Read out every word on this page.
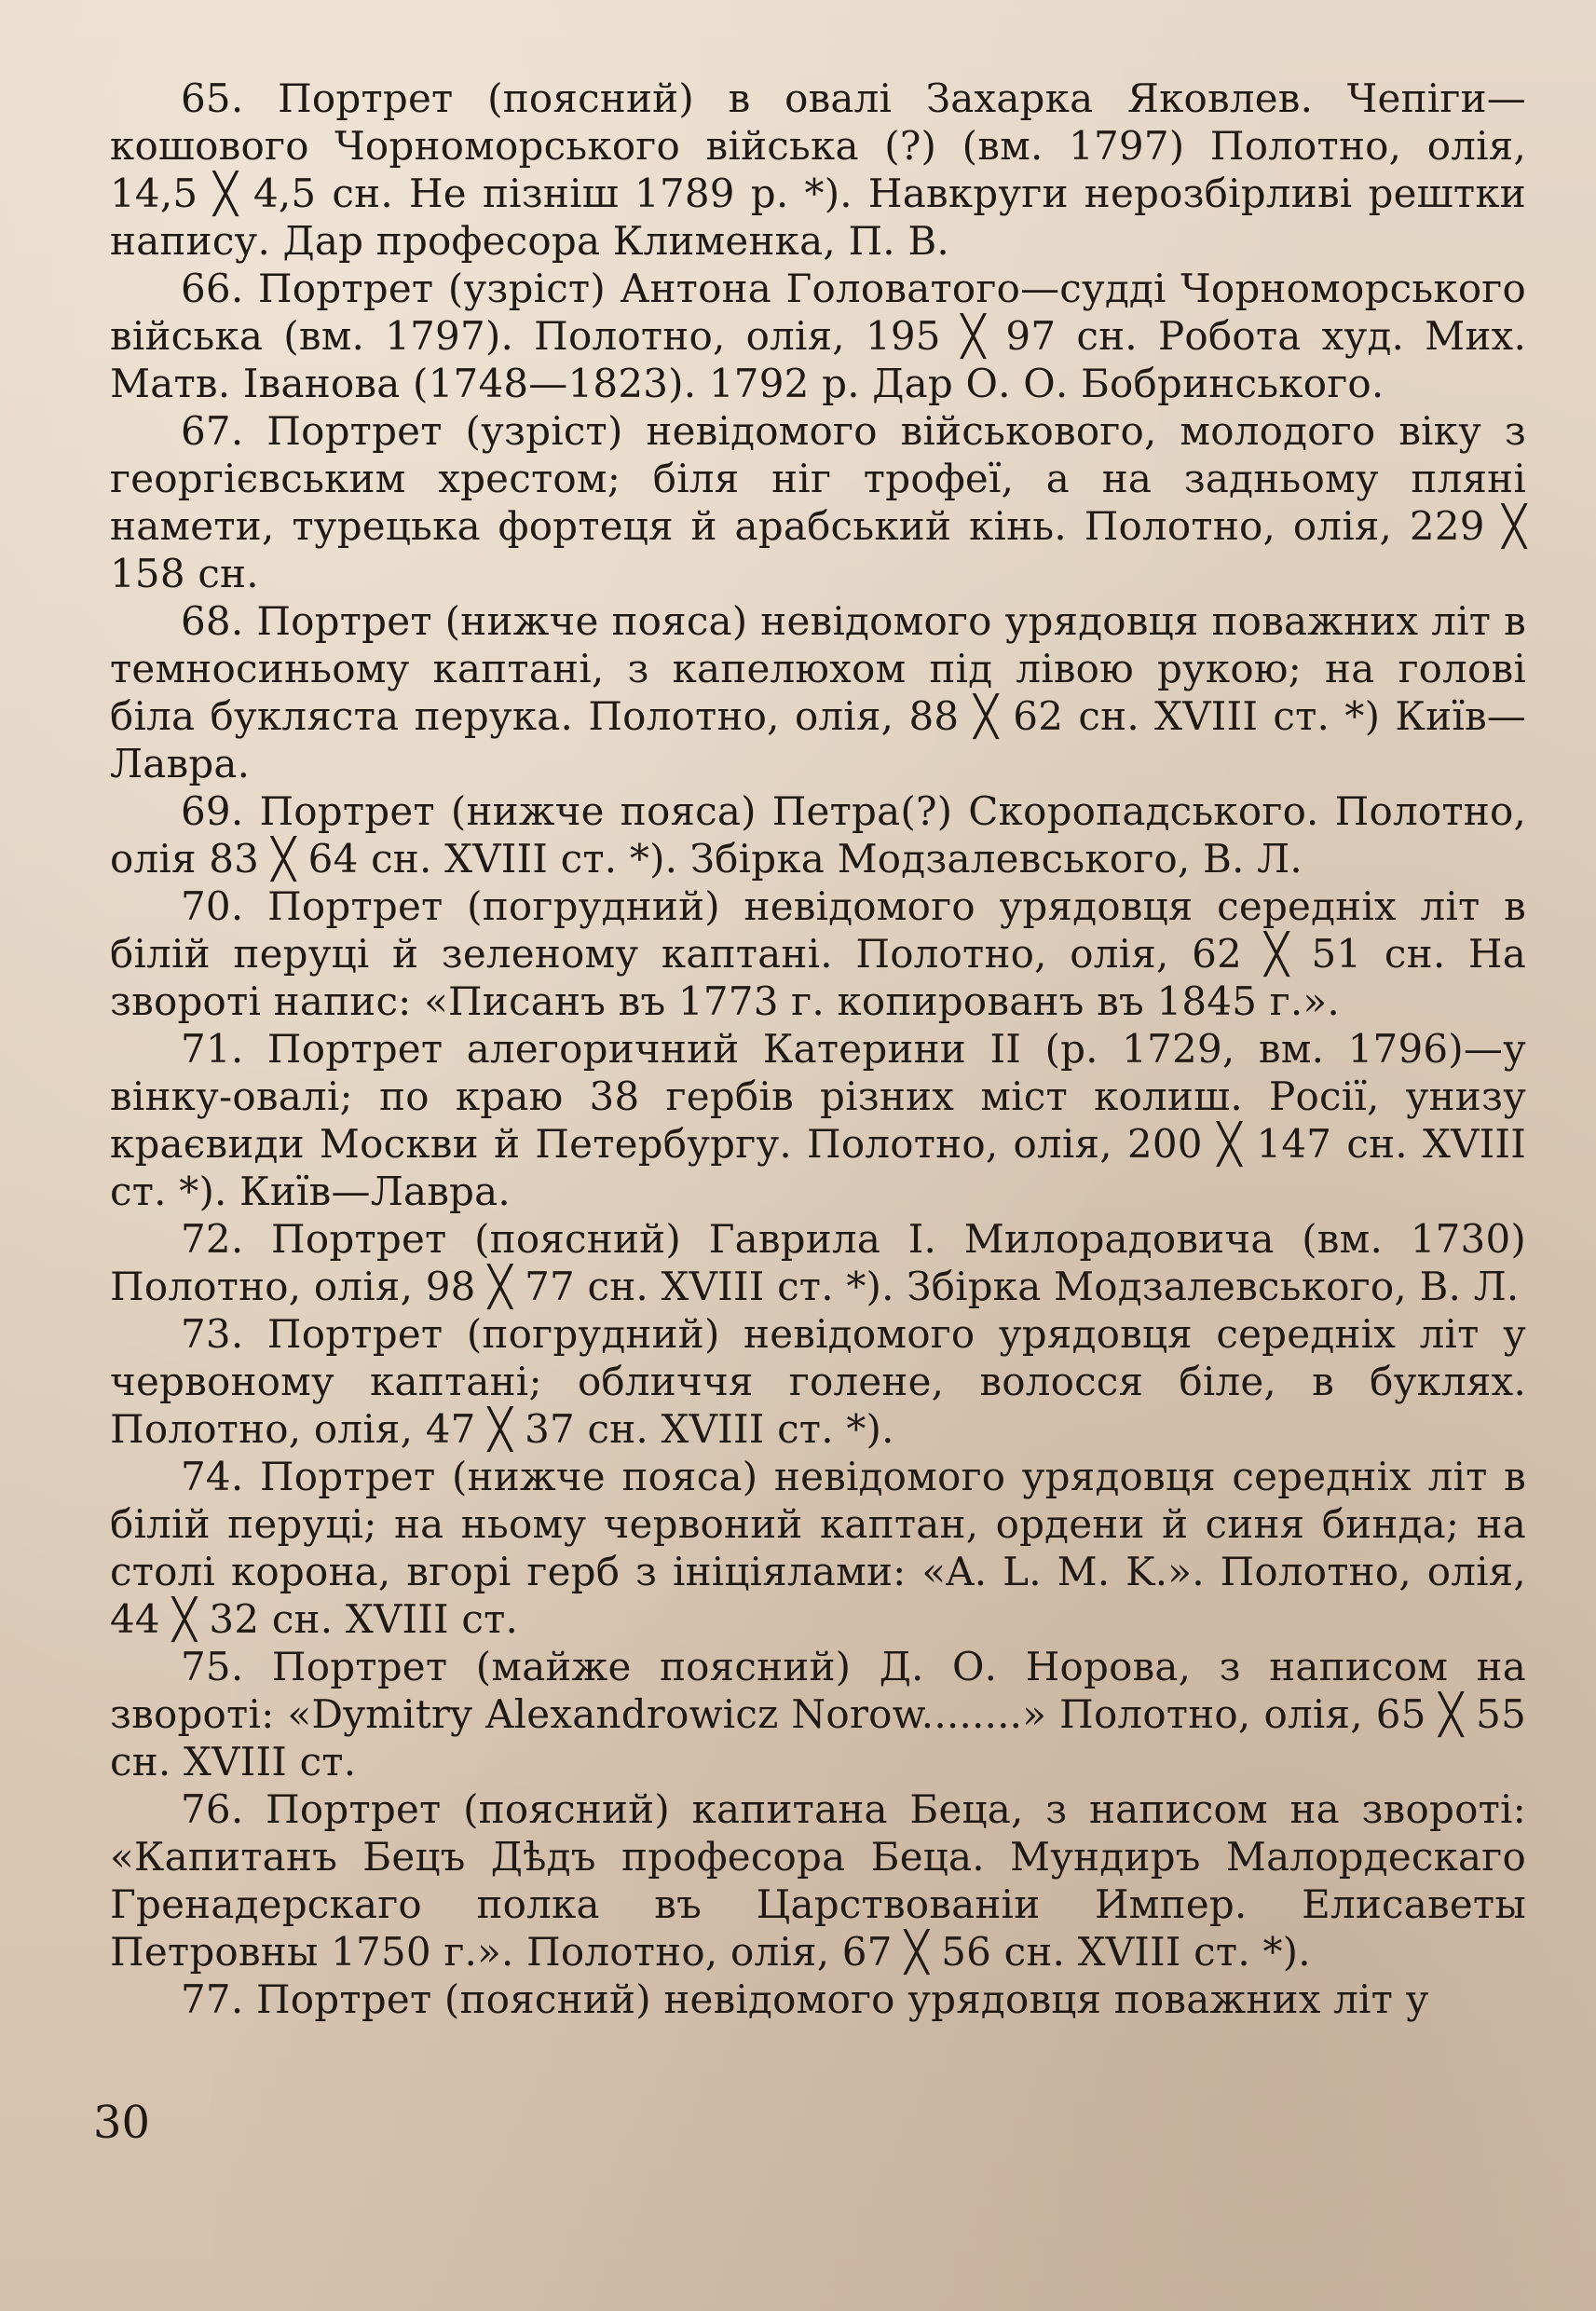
65. Портрет (поясний) в овалі Захарка Яковлев. Чепіги—кошового Чорноморського війська (?) (вм. 1797) Полотно, олія, 14,5 ╳ 4,5 сн. Не пізніш 1789 р. *). Навкруги нерозбірливі рештки напису. Дар професора Клименка, П. В.

66. Портрет (узріст) Антона Головатого—судді Чорноморського війська (вм. 1797). Полотно, олія, 195 ╳ 97 сн. Робота худ. Мих. Матв. Іванова (1748—1823). 1792 р. Дар О. О. Бобринського.

67. Портрет (узріст) невідомого військового, молодого віку з георгієвським хрестом; біля ніг трофеї, а на задньому пляні намети, турецька фортеця й арабський кінь. Полотно, олія, 229 ╳ 158 сн.

68. Портрет (нижче пояса) невідомого урядовця поважних літ в темносиньому каптані, з капелюхом під лівою рукою; на голові біла букляста перука. Полотно, олія, 88 ╳ 62 сн. XVIII ст. *) Київ—Лавра.

69. Портрет (нижче пояса) Петра(?) Скоропадського. Полотно, олія 83 ╳ 64 сн. XVIII ст. *). Збірка Модзалевського, В. Л.

70. Портрет (погрудний) невідомого урядовця середніх літ в білій перуці й зеленому каптані. Полотно, олія, 62 ╳ 51 сн. На звороті напис: «Писанъ въ 1773 г. копированъ въ 1845 г.».

71. Портрет алегоричний Катерини II (р. 1729, вм. 1796)—у вінку-овалі; по краю 38 гербів різних міст колиш. Росії, унизу краєвиди Москви й Петербургу. Полотно, олія, 200 ╳ 147 сн. XVIII ст. *). Київ—Лавра.

72. Портрет (поясний) Гаврила І. Милорадовича (вм. 1730) Полотно, олія, 98 ╳ 77 сн. XVIII ст. *). Збірка Модзалевського, В. Л.

73. Портрет (погрудний) невідомого урядовця середніх літ у червоному каптані; обличчя голене, волосся біле, в буклях. Полотно, олія, 47 ╳ 37 сн. XVIII ст. *).

74. Портрет (нижче пояса) невідомого урядовця середніх літ в білій перуці; на ньому червоний каптан, ордени й синя бинда; на столі корона, вгорі герб з ініціялами: «A. L. M. K.». Полотно, олія, 44 ╳ 32 сн. XVIII ст.

75. Портрет (майже поясний) Д. О. Норова, з написом на звороті: «Dymitry Alexandrowicz Norow........» Полотно, олія, 65 ╳ 55 сн. XVIII ст.

76. Портрет (поясний) капитана Беца, з написом на звороті: «Капитанъ Бецъ Дѣдъ професора Беца. Мундиръ Малордескаго Гренадерскаго полка въ Царствованіи Импер. Елисаветы Петровны 1750 г.». Полотно, олія, 67 ╳ 56 сн. XVIII ст. *).

77. Портрет (поясний) невідомого урядовця поважних літ у

30
